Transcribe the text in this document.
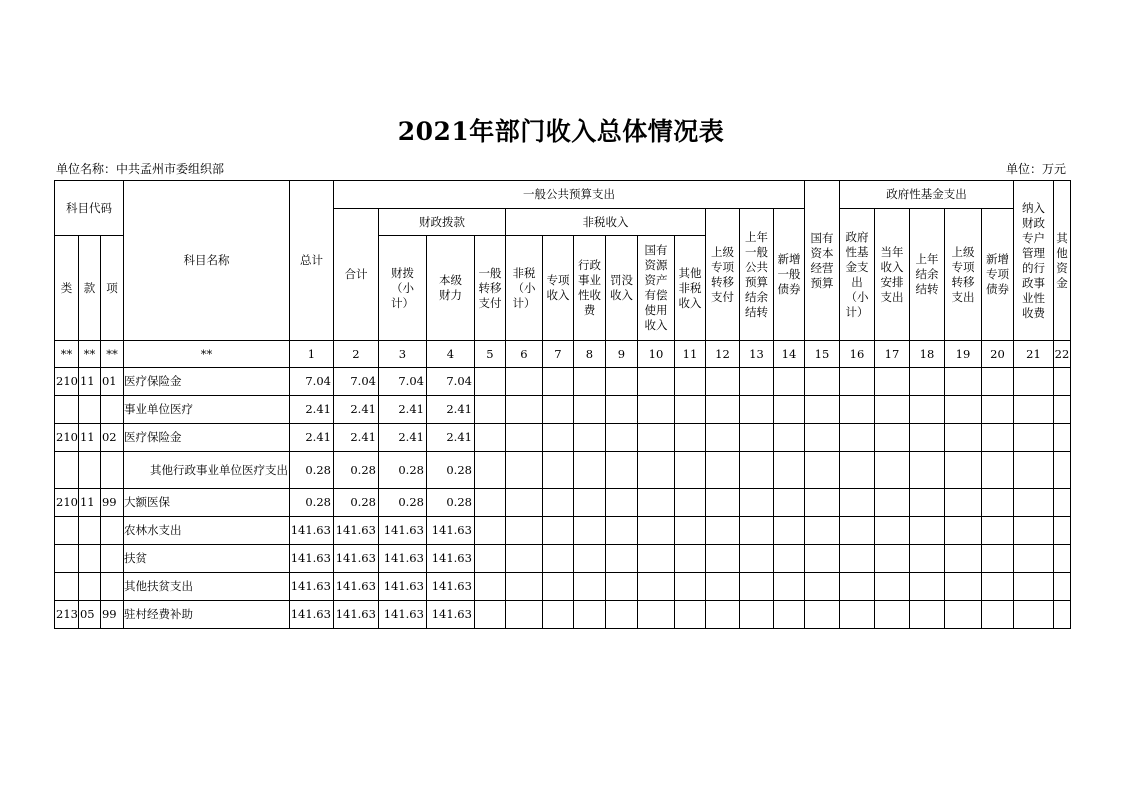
2021年部门收入总体情况表
单位名称：中共孟州市委组织部	单位：万元
科目代码			科目名称	总计	一般公共预算支出													国有资本经营预算	政府性基金支出					纳入财政专户管理的行政事业性收费	其他资金
					合计	财政拨款			非税收入						上级专项转移支付	上年一般公共预算结余结转	新增一般债券		政府性基金支出（小计）	当年收入安排支出	上年结余结转	上级专项转移支出	新增专项债券		
类	款	项				财拨（小计）	本级财力	一般转移支付	非税（小计）	专项收入	行政事业性收费	罚没收入	国有资源资产有偿使用收入	其他非税收入											
**	**	**	**	1	2	3	4	5	6	7	8	9	10	11	12	13	14	15	16	17	18	19	20	21	22
210	11	01	医疗保险金	7.04	7.04	7.04	7.04																		
			事业单位医疗	2.41	2.41	2.41	2.41																		
210	11	02	医疗保险金	2.41	2.41	2.41	2.41																		
			其他行政事业单位医疗支出	0.28	0.28	0.28	0.28																		
210	11	99	大额医保	0.28	0.28	0.28	0.28																		
			农林水支出	141.63	141.63	141.63	141.63																		
			扶贫	141.63	141.63	141.63	141.63																		
			其他扶贫支出	141.63	141.63	141.63	141.63																		
213	05	99	驻村经费补助	141.63	141.63	141.63	141.63																		
